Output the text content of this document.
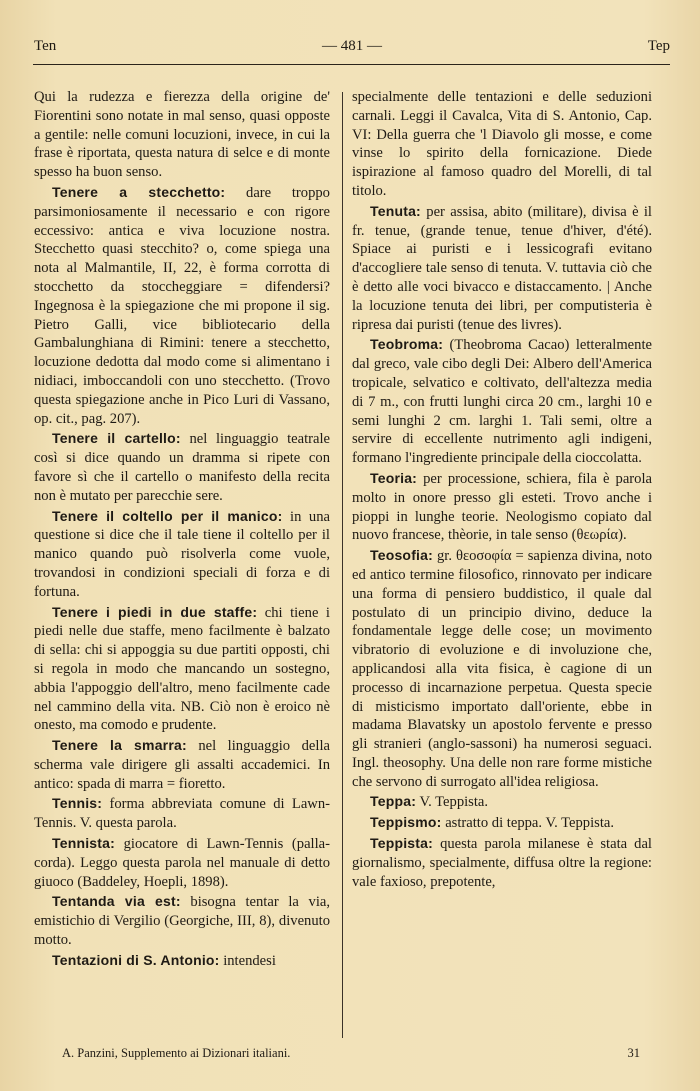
Ten	— 481 —	Tep

Qui la rudezza e fierezza della origine de' Fiorentini sono notate in mal senso, quasi opposte a gentile: nelle comuni locuzioni, invece, in cui la frase è riportata, questa natura di selce e di monte spesso ha buon senso.

Tenere a stecchetto: dare troppo parsimoniosamente il necessario e con rigore eccessivo: antica e viva locuzione nostra. Stecchetto quasi stecchito? o, come spiega una nota al Malmantile, II, 22, è forma corrotta di stocchetto da stoccheggiare = difendersi? Ingegnosa è la spiegazione che mi propone il sig. Pietro Galli, vice bibliotecario della Gambalunghiana di Rimini: tenere a stecchetto, locuzione dedotta dal modo come si alimentano i nidiaci, imboccandoli con uno stecchetto. (Trovo questa spiegazione anche in Pico Luri di Vassano, op. cit., pag. 207).

Tenere il cartello: nel linguaggio teatrale così si dice quando un dramma si ripete con favore sì che il cartello o manifesto della recita non è mutato per parecchie sere.

Tenere il coltello per il manico: in una questione si dice che il tale tiene il coltello per il manico quando può risolverla come vuole, trovandosi in condizioni speciali di forza e di fortuna.

Tenere i piedi in due staffe: chi tiene i piedi nelle due staffe, meno facilmente è balzato di sella: chi si appoggia su due partiti opposti, chi si regola in modo che mancando un sostegno, abbia l'appoggio dell'altro, meno facilmente cade nel cammino della vita. NB. Ciò non è eroico nè onesto, ma comodo e prudente.

Tenere la smarra: nel linguaggio della scherma vale dirigere gli assalti accademici. In antico: spada di marra = fioretto.

Tennis: forma abbreviata comune di Lawn-Tennis. V. questa parola.

Tennista: giocatore di Lawn-Tennis (palla-corda). Leggo questa parola nel manuale di detto giuoco (Baddeley, Hoepli, 1898).

Tentanda via est: bisogna tentar la via, emistichio di Vergilio (Georgiche, III, 8), divenuto motto.

Tentazioni di S. Antonio: intendesi

specialmente delle tentazioni e delle seduzioni carnali. Leggi il Cavalca, Vita di S. Antonio, Cap. VI: Della guerra che 'l Diavolo gli mosse, e come vinse lo spirito della fornicazione. Diede ispirazione al famoso quadro del Morelli, di tal titolo.

Tenuta: per assisa, abito (militare), divisa è il fr. tenue, (grande tenue, tenue d'hiver, d'été). Spiace ai puristi e i lessicografi evitano d'accogliere tale senso di tenuta. V. tuttavia ciò che è detto alle voci bivacco e distaccamento. | Anche la locuzione tenuta dei libri, per computisteria è ripresa dai puristi (tenue des livres).

Teobroma: (Theobroma Cacao) letteralmente dal greco, vale cibo degli Dei: Albero dell'America tropicale, selvatico e coltivato, dell'altezza media di 7 m., con frutti lunghi circa 20 cm., larghi 10 e semi lunghi 2 cm. larghi 1. Tali semi, oltre a servire di eccellente nutrimento agli indigeni, formano l'ingrediente principale della cioccolatta.

Teoria: per processione, schiera, fila è parola molto in onore presso gli esteti. Trovo anche i pioppi in lunghe teorie. Neologismo copiato dal nuovo francese, thèorie, in tale senso (θεωρία).

Teosofia: gr. θεοσοφία = sapienza divina, noto ed antico termine filosofico, rinnovato per indicare una forma di pensiero buddistico, il quale dal postulato di un principio divino, deduce la fondamentale legge delle cose; un movimento vibratorio di evoluzione e di involuzione che, applicandosi alla vita fisica, è cagione di un processo di incarnazione perpetua. Questa specie di misticismo importato dall'oriente, ebbe in madama Blavatsky un apostolo fervente e presso gli stranieri (anglo-sassoni) ha numerosi seguaci. Ingl. theosophy. Una delle non rare forme mistiche che servono di surrogato all'idea religiosa.

Teppa: V. Teppista.

Teppismo: astratto di teppa. V. Teppista.

Teppista: questa parola milanese è stata dal giornalismo, specialmente, diffusa oltre la regione: vale faxioso, prepotente,

A. Panzini, Supplemento ai Dizionari italiani.	31
